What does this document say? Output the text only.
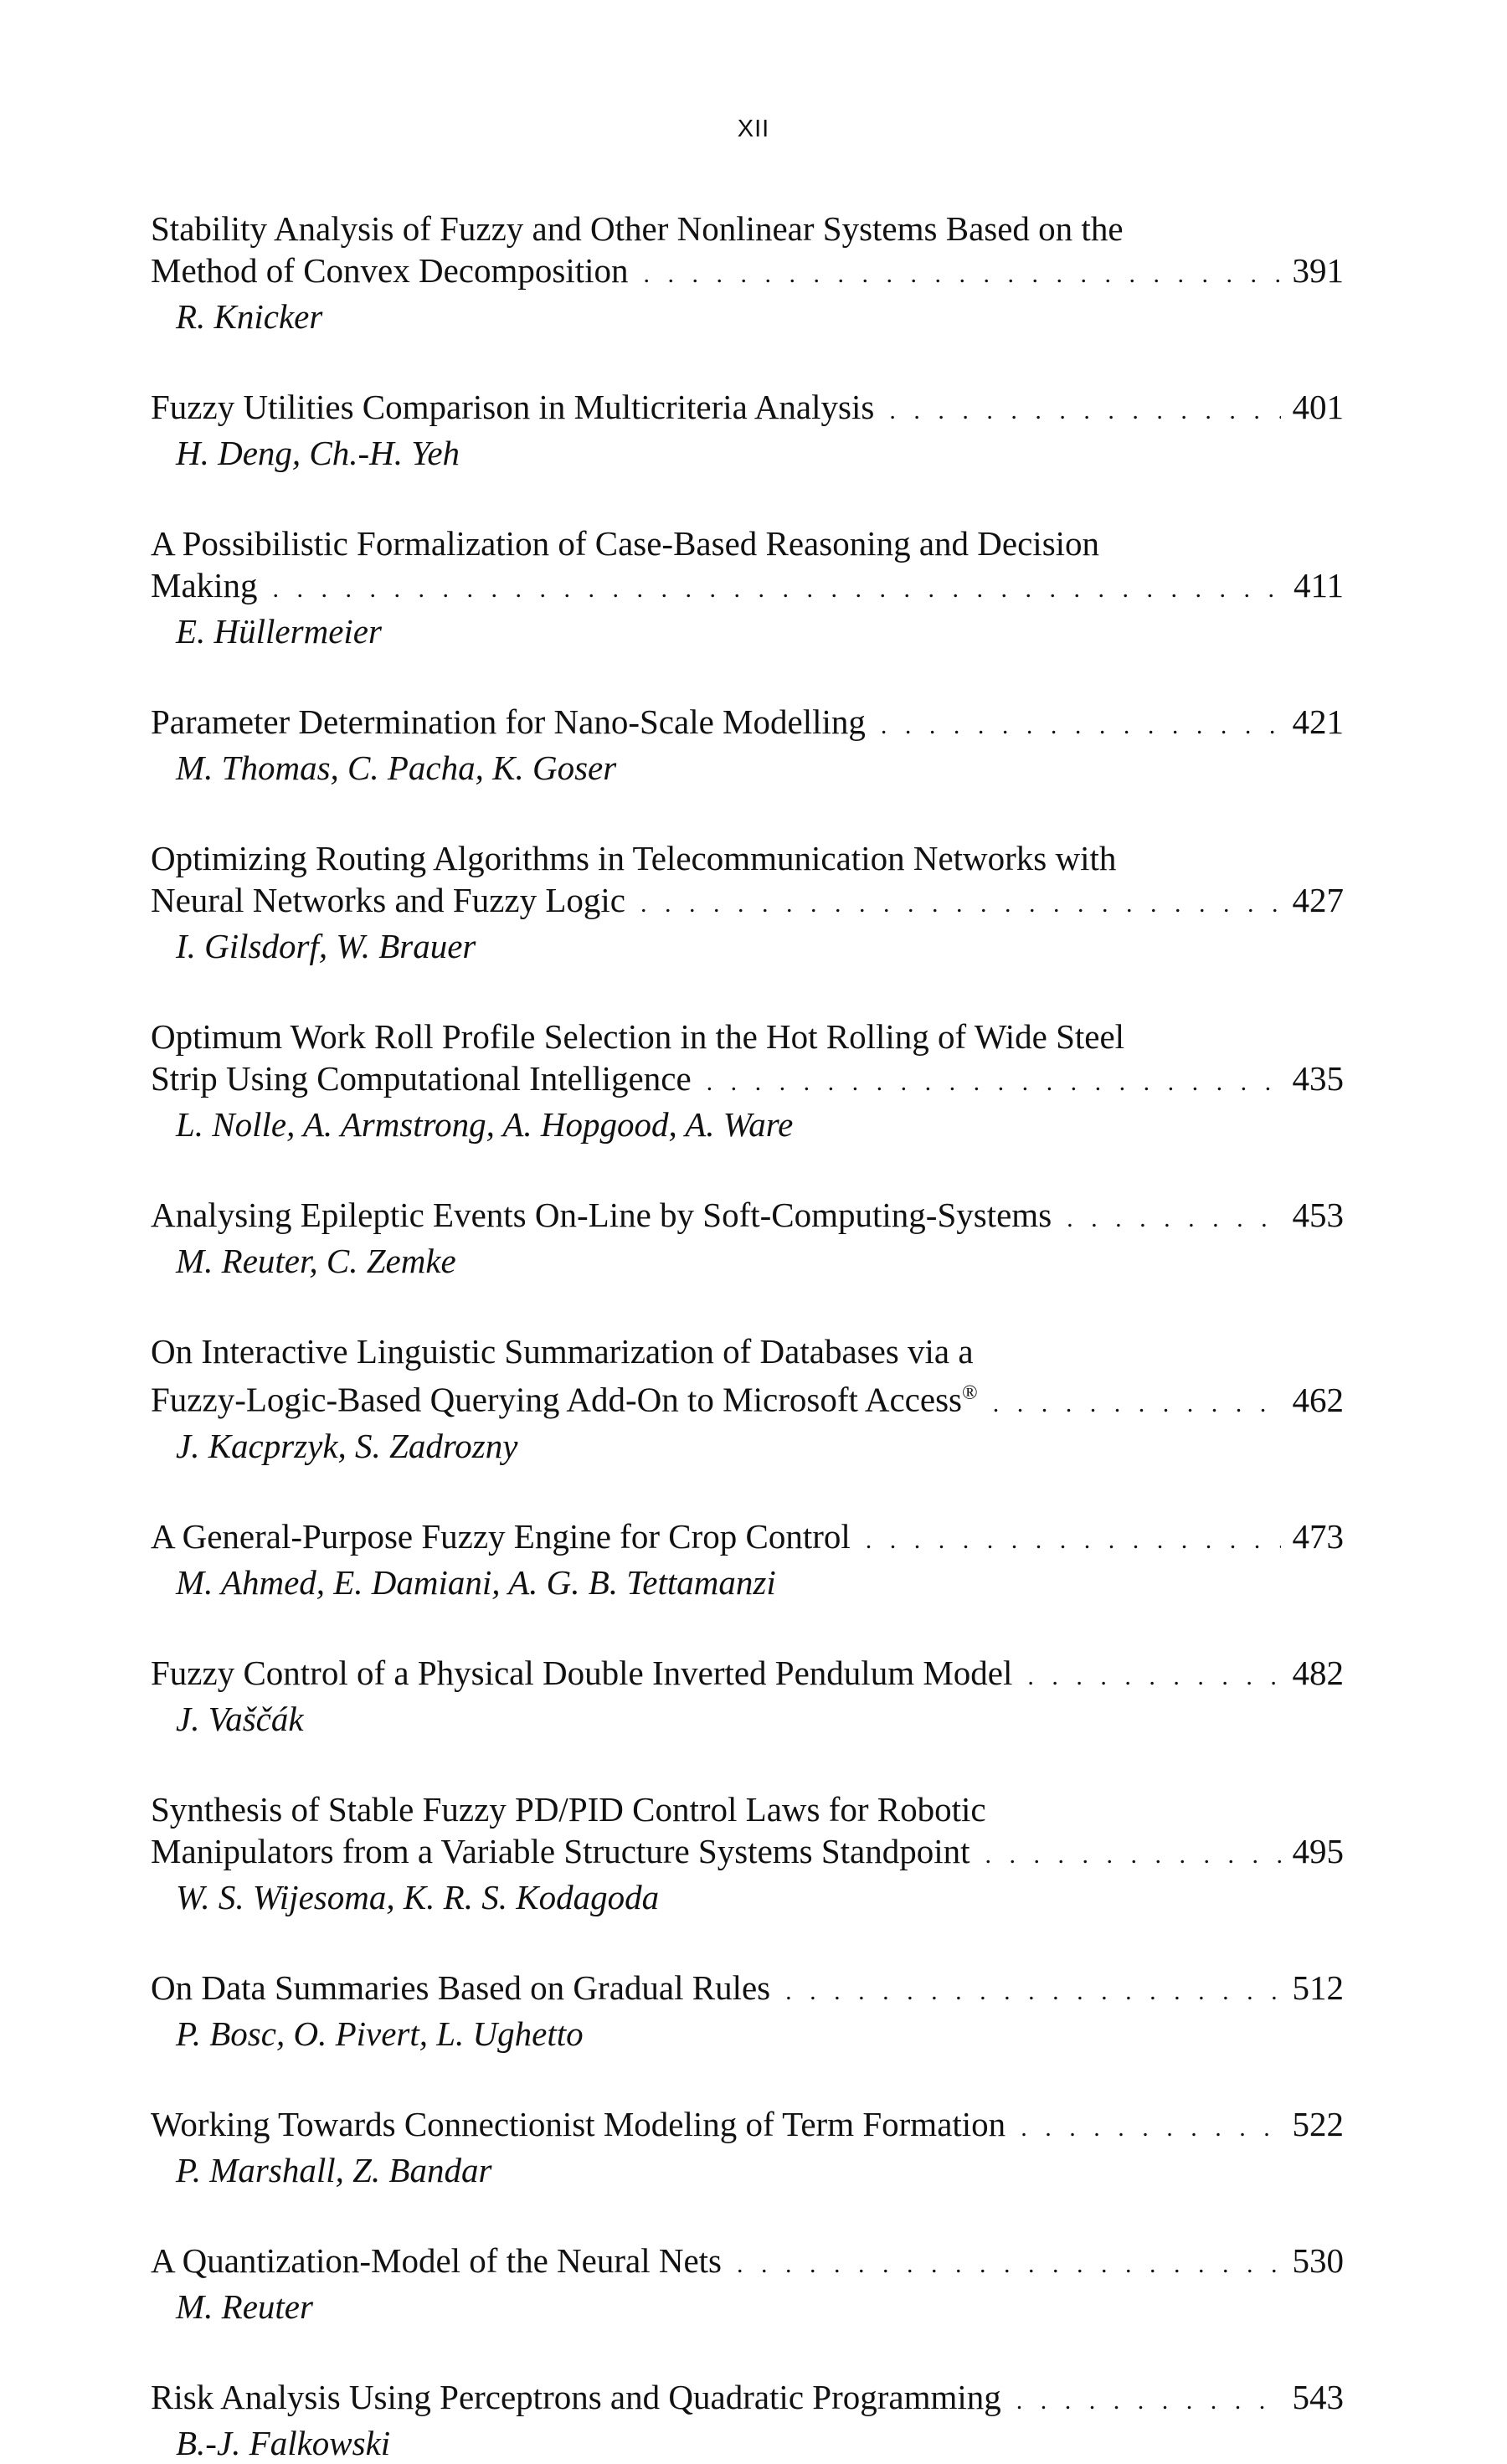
XII
Stability Analysis of Fuzzy and Other Nonlinear Systems Based on the
Method of Convex Decomposition . . .	391
R. Knicker
Fuzzy Utilities Comparison in Multicriteria Analysis . . .	401
H. Deng, Ch.-H. Yeh
A Possibilistic Formalization of Case-Based Reasoning and Decision
Making . . .	411
E. Hüllermeier
Parameter Determination for Nano-Scale Modelling . . .	421
M. Thomas, C. Pacha, K. Goser
Optimizing Routing Algorithms in Telecommunication Networks with
Neural Networks and Fuzzy Logic . . .	427
I. Gilsdorf, W. Brauer
Optimum Work Roll Profile Selection in the Hot Rolling of Wide Steel
Strip Using Computational Intelligence . . .	435
L. Nolle, A. Armstrong, A. Hopgood, A. Ware
Analysing Epileptic Events On-Line by Soft-Computing-Systems . . .	453
M. Reuter, C. Zemke
On Interactive Linguistic Summarization of Databases via a
Fuzzy-Logic-Based Querying Add-On to Microsoft Access® . . .	462
J. Kacprzyk, S. Zadrozny
A General-Purpose Fuzzy Engine for Crop Control . . .	473
M. Ahmed, E. Damiani, A. G. B. Tettamanzi
Fuzzy Control of a Physical Double Inverted Pendulum Model . . .	482
J. Vaščák
Synthesis of Stable Fuzzy PD/PID Control Laws for Robotic
Manipulators from a Variable Structure Systems Standpoint . . .	495
W. S. Wijesoma, K. R. S. Kodagoda
On Data Summaries Based on Gradual Rules . . .	512
P. Bosc, O. Pivert, L. Ughetto
Working Towards Connectionist Modeling of Term Formation . . .	522
P. Marshall, Z. Bandar
A Quantization-Model of the Neural Nets . . .	530
M. Reuter
Risk Analysis Using Perceptrons and Quadratic Programming . . .	543
B.-J. Falkowski
